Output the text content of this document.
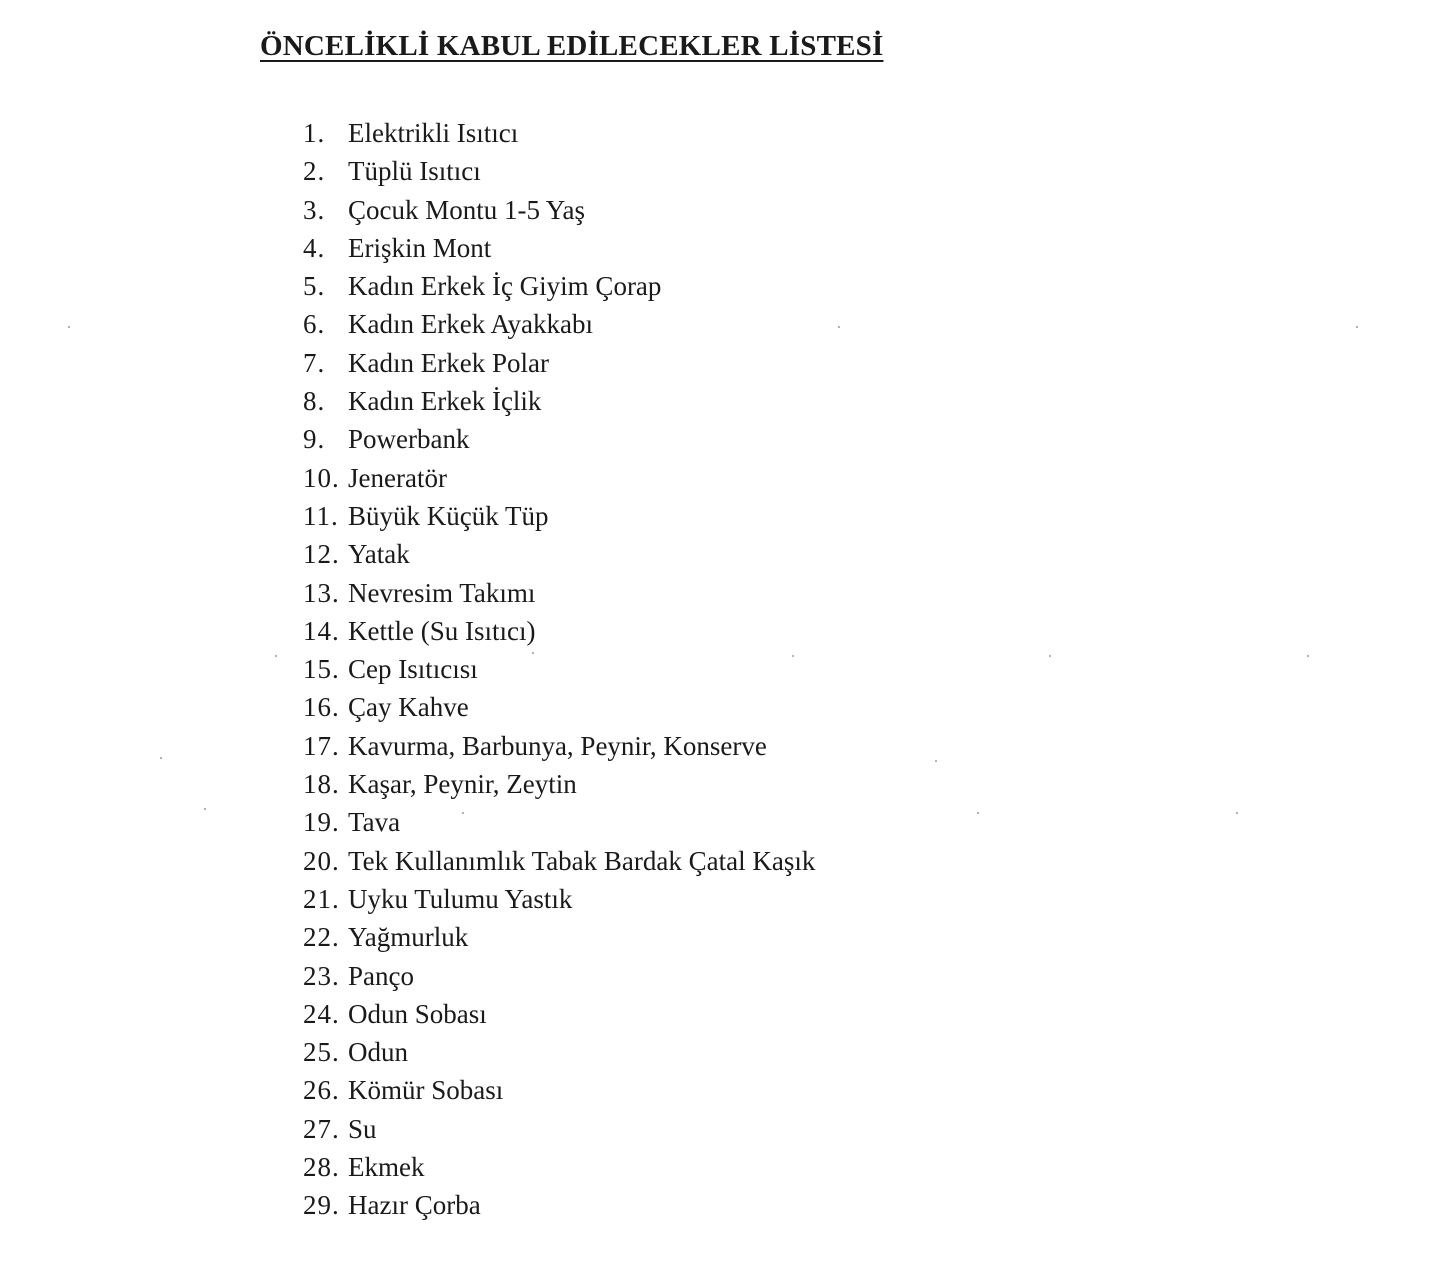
ÖNCELİKLİ KABUL EDİLECEKLER LİSTESİ
1. Elektrikli Isıtıcı
2. Tüplü Isıtıcı
3. Çocuk Montu 1-5 Yaş
4. Erişkin Mont
5. Kadın Erkek İç Giyim Çorap
6. Kadın Erkek Ayakkabı
7. Kadın Erkek Polar
8. Kadın Erkek İçlik
9. Powerbank
10. Jeneratör
11. Büyük Küçük Tüp
12. Yatak
13. Nevresim Takımı
14. Kettle (Su Isıtıcı)
15. Cep Isıtıcısı
16. Çay Kahve
17. Kavurma, Barbunya, Peynir, Konserve
18. Kaşar, Peynir, Zeytin
19. Tava
20. Tek Kullanımlık Tabak Bardak Çatal Kaşık
21. Uyku Tulumu Yastık
22. Yağmurluk
23. Panço
24. Odun Sobası
25. Odun
26. Kömür Sobası
27. Su
28. Ekmek
29. Hazır Çorba
